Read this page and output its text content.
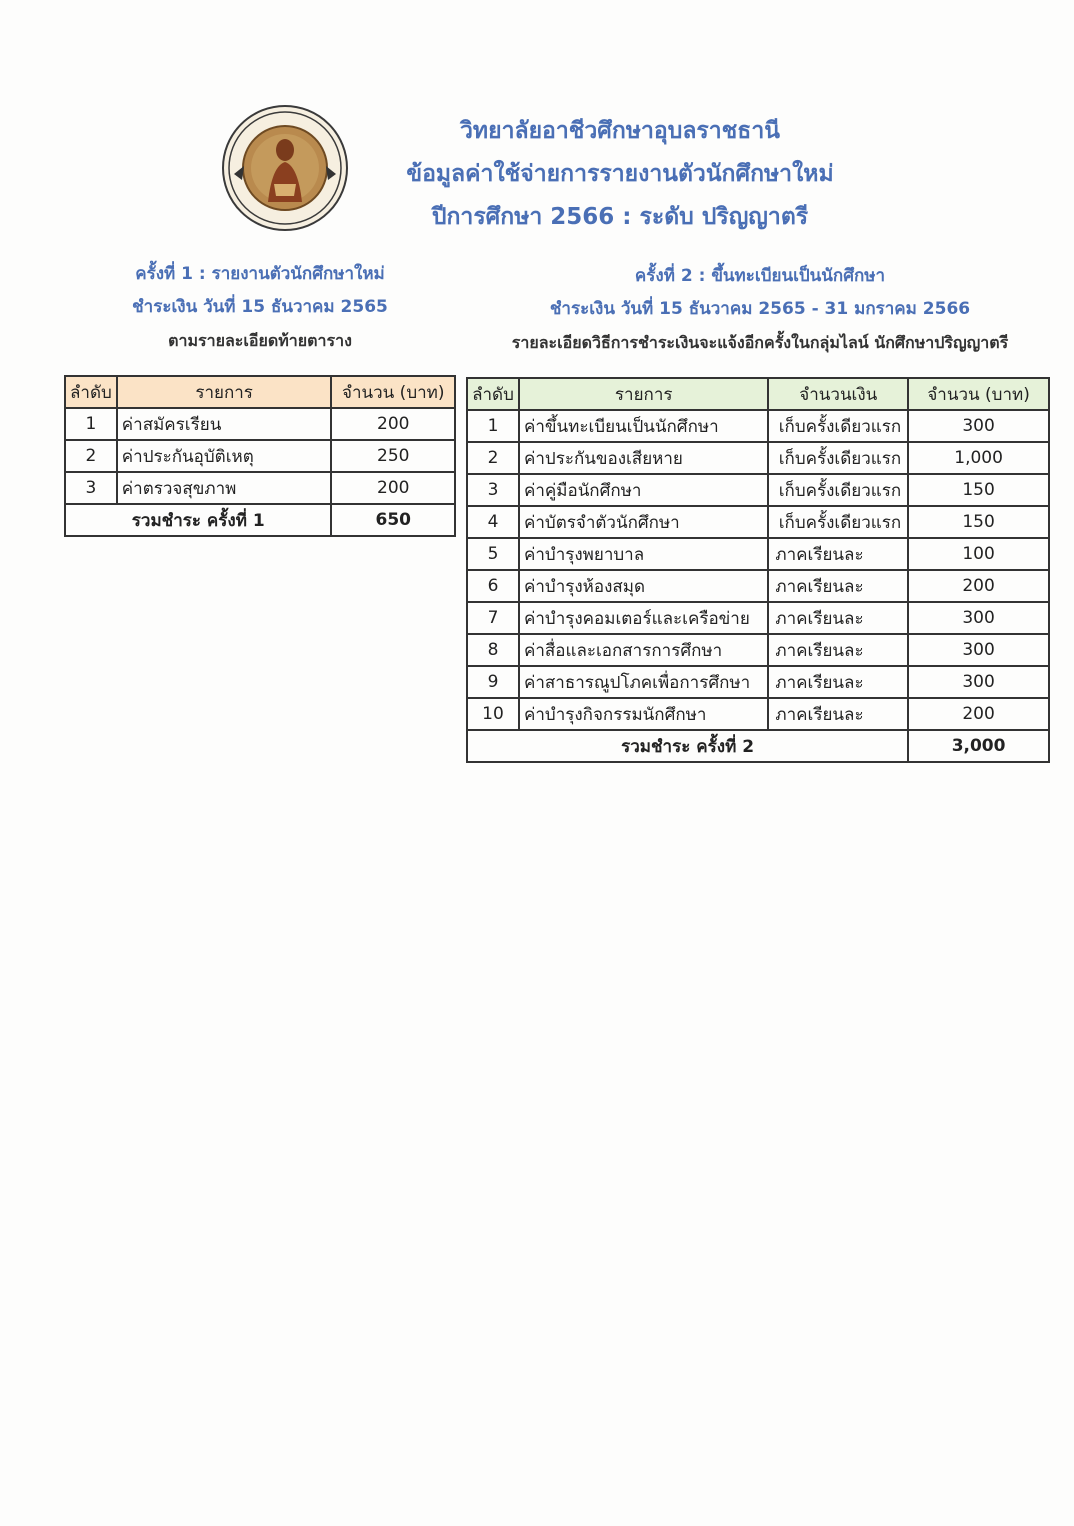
วิทยาลัยอาชีวศึกษาอุบลราชธานี
ข้อมูลค่าใช้จ่ายการรายงานตัวนักศึกษาใหม่
ปีการศึกษา 2566 : ระดับ ปริญญาตรี
ครั้งที่ 1 : รายงานตัวนักศึกษาใหม่
ชำระเงิน วันที่ 15 ธันวาคม 2565
ตามรายละเอียดท้ายตาราง
ครั้งที่ 2 : ขึ้นทะเบียนเป็นนักศึกษา
ชำระเงิน วันที่ 15 ธันวาคม 2565 - 31 มกราคม 2566
รายละเอียดวิธีการชำระเงินจะแจ้งอีกครั้งในกลุ่มไลน์ นักศึกษาปริญญาตรี
ลำดับ	รายการ	จำนวน (บาท)
1	ค่าสมัครเรียน	200
2	ค่าประกันอุบัติเหตุ	250
3	ค่าตรวจสุขภาพ	200
รวมชำระ ครั้งที่ 1		650
ลำดับ	รายการ	จำนวนเงิน	จำนวน (บาท)
1	ค่าขึ้นทะเบียนเป็นนักศึกษา	เก็บครั้งเดียวแรก	300
2	ค่าประกันของเสียหาย	เก็บครั้งเดียวแรก	1,000
3	ค่าคู่มือนักศึกษา	เก็บครั้งเดียวแรก	150
4	ค่าบัตรจำตัวนักศึกษา	เก็บครั้งเดียวแรก	150
5	ค่าบำรุงพยาบาล	ภาคเรียนละ	100
6	ค่าบำรุงห้องสมุด	ภาคเรียนละ	200
7	ค่าบำรุงคอมเตอร์และเครือข่าย	ภาคเรียนละ	300
8	ค่าสื่อและเอกสารการศึกษา	ภาคเรียนละ	300
9	ค่าสาธารณูปโภคเพื่อการศึกษา	ภาคเรียนละ	300
10	ค่าบำรุงกิจกรรมนักศึกษา	ภาคเรียนละ	200
รวมชำระ ครั้งที่ 2			3,000
